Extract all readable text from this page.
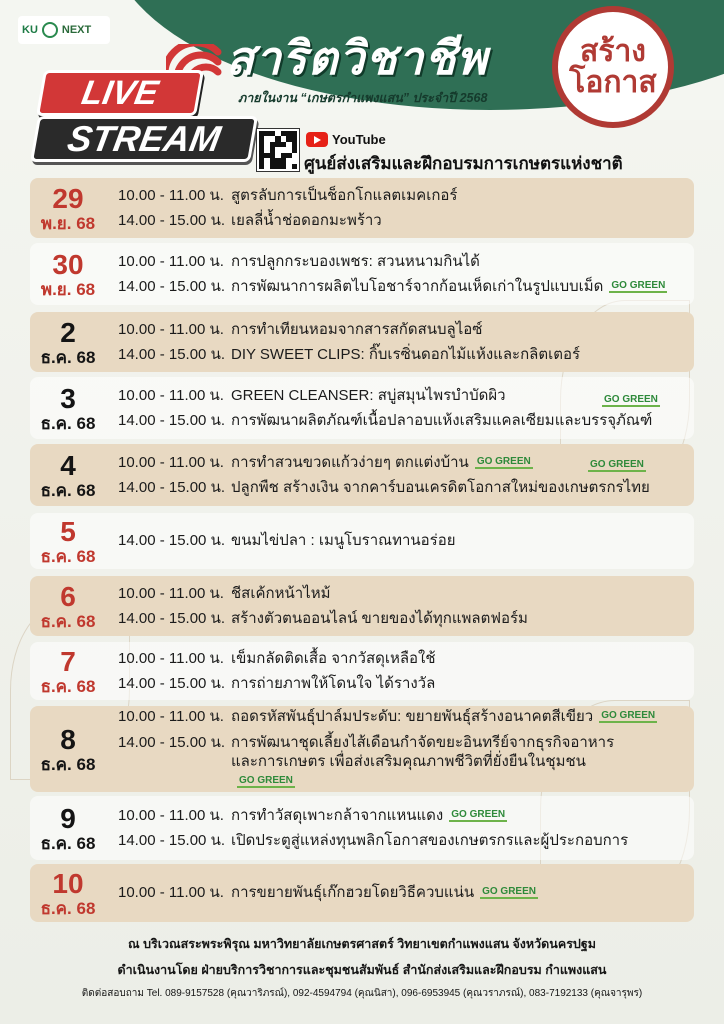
KU NEXT
สาริตวิชาชีพ
ภายในงาน “เกษตรกำแพงแสน” ประจำปี 2568
สร้าง
โอกาส
LIVE
STREAM	YouTube
ศูนย์ส่งเสริมและฝึกอบรมการเกษตรแห่งชาติ
29
พ.ย. 68
10.00 - 11.00 น. สูตรลับการเป็นช็อกโกแลตเมคเกอร์
14.00 - 15.00 น. เยลลี่น้ำช่อดอกมะพร้าว
30
พ.ย. 68
10.00 - 11.00 น. การปลูกกระบองเพชร: สวนหนามกินได้
14.00 - 15.00 น. การพัฒนาการผลิตไบโอชาร์จากก้อนเห็ดเก่าในรูปแบบเม็ด GO GREEN
2
ธ.ค. 68
10.00 - 11.00 น. การทำเทียนหอมจากสารสกัดสนบลูไอซ์
14.00 - 15.00 น. DIY SWEET CLIPS: กิ๊บเรซิ่นดอกไม้แห้งและกลิตเตอร์
3
ธ.ค. 68
10.00 - 11.00 น. GREEN CLEANSER: สบู่สมุนไพรบำบัดผิว
14.00 - 15.00 น. การพัฒนาผลิตภัณฑ์เนื้อปลาอบแห้งเสริมแคลเซียมและบรรจุภัณฑ์
GO GREEN
4
ธ.ค. 68
10.00 - 11.00 น. การทำสวนขวดแก้วง่ายๆ ตกแต่งบ้าน GO GREEN
14.00 - 15.00 น. ปลูกพืช สร้างเงิน จากคาร์บอนเครดิตโอกาสใหม่ของเกษตรกรไทย
GO GREEN
5
ธ.ค. 68
14.00 - 15.00 น. ขนมไข่ปลา : เมนูโบราณทานอร่อย
6
ธ.ค. 68
10.00 - 11.00 น. ชีสเค้กหน้าไหม้
14.00 - 15.00 น. สร้างตัวตนออนไลน์ ขายของได้ทุกแพลตฟอร์ม
7
ธ.ค. 68
10.00 - 11.00 น. เข็มกลัดติดเสื้อ จากวัสดุเหลือใช้
14.00 - 15.00 น. การถ่ายภาพให้โดนใจ ได้รางวัล
8
ธ.ค. 68
10.00 - 11.00 น. ถอดรหัสพันธุ์ปาล์มประดับ: ขยายพันธุ์สร้างอนาคตสีเขียว GO GREEN
14.00 - 15.00 น. การพัฒนาชุดเลี้ยงไส้เดือนกำจัดขยะอินทรีย์จากธุรกิจอาหาร
และการเกษตร เพื่อส่งเสริมคุณภาพชีวิตที่ยั่งยืนในชุมชน
GO GREEN
9
ธ.ค. 68
10.00 - 11.00 น. การทำวัสดุเพาะกล้าจากแหนแดง GO GREEN
14.00 - 15.00 น. เปิดประตูสู่แหล่งทุนพลิกโอกาสของเกษตรกรและผู้ประกอบการ
10
ธ.ค. 68
10.00 - 11.00 น. การขยายพันธุ์เก๊กฮวยโดยวิธีควบแน่น GO GREEN
ณ บริเวณสระพระพิรุณ มหาวิทยาลัยเกษตรศาสตร์ วิทยาเขตกำแพงแสน จังหวัดนครปฐม
ดำเนินงานโดย ฝ่ายบริการวิชาการและชุมชนสัมพันธ์ สำนักส่งเสริมและฝึกอบรม กำแพงแสน
ติดต่อสอบถาม Tel. 089-9157528 (คุณวาริภรณ์), 092-4594794 (คุณนิสา), 096-6953945 (คุณวราภรณ์), 083-7192133 (คุณจารุพร)
